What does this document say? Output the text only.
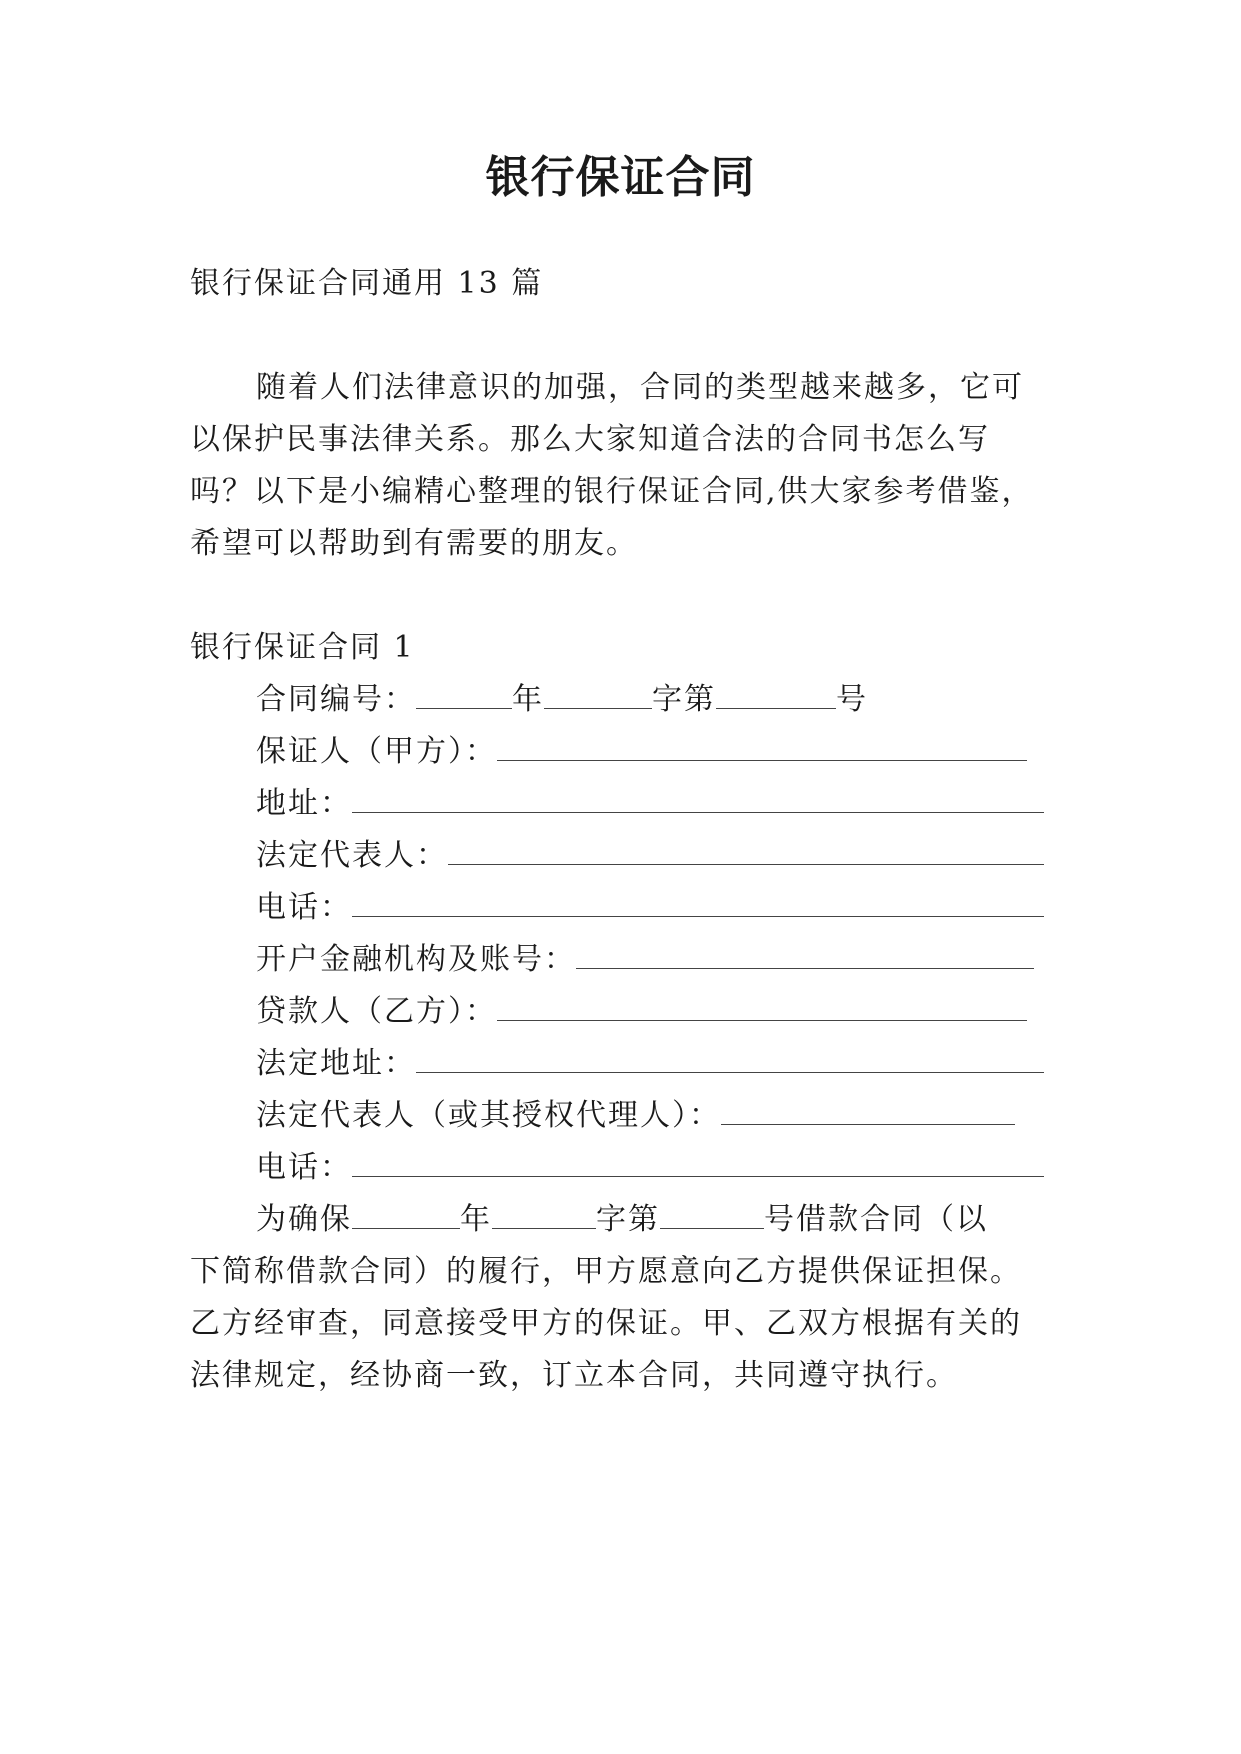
银行保证合同
银行保证合同通用 13 篇
随着人们法律意识的加强，合同的类型越来越多，它可
以保护民事法律关系。那么大家知道合法的合同书怎么写
吗？以下是小编精心整理的银行保证合同,供大家参考借鉴，
希望可以帮助到有需要的朋友。
银行保证合同 1
合同编号：	年	字第	号
保证人（甲方）：
地址：
法定代表人：
电话：
开户金融机构及账号：
贷款人（乙方）：
法定地址：
法定代表人（或其授权代理人）：
电话：
为确保	年	字第	号借款合同（以
下简称借款合同）的履行，甲方愿意向乙方提供保证担保。
乙方经审查，同意接受甲方的保证。甲、乙双方根据有关的
法律规定，经协商一致，订立本合同，共同遵守执行。
